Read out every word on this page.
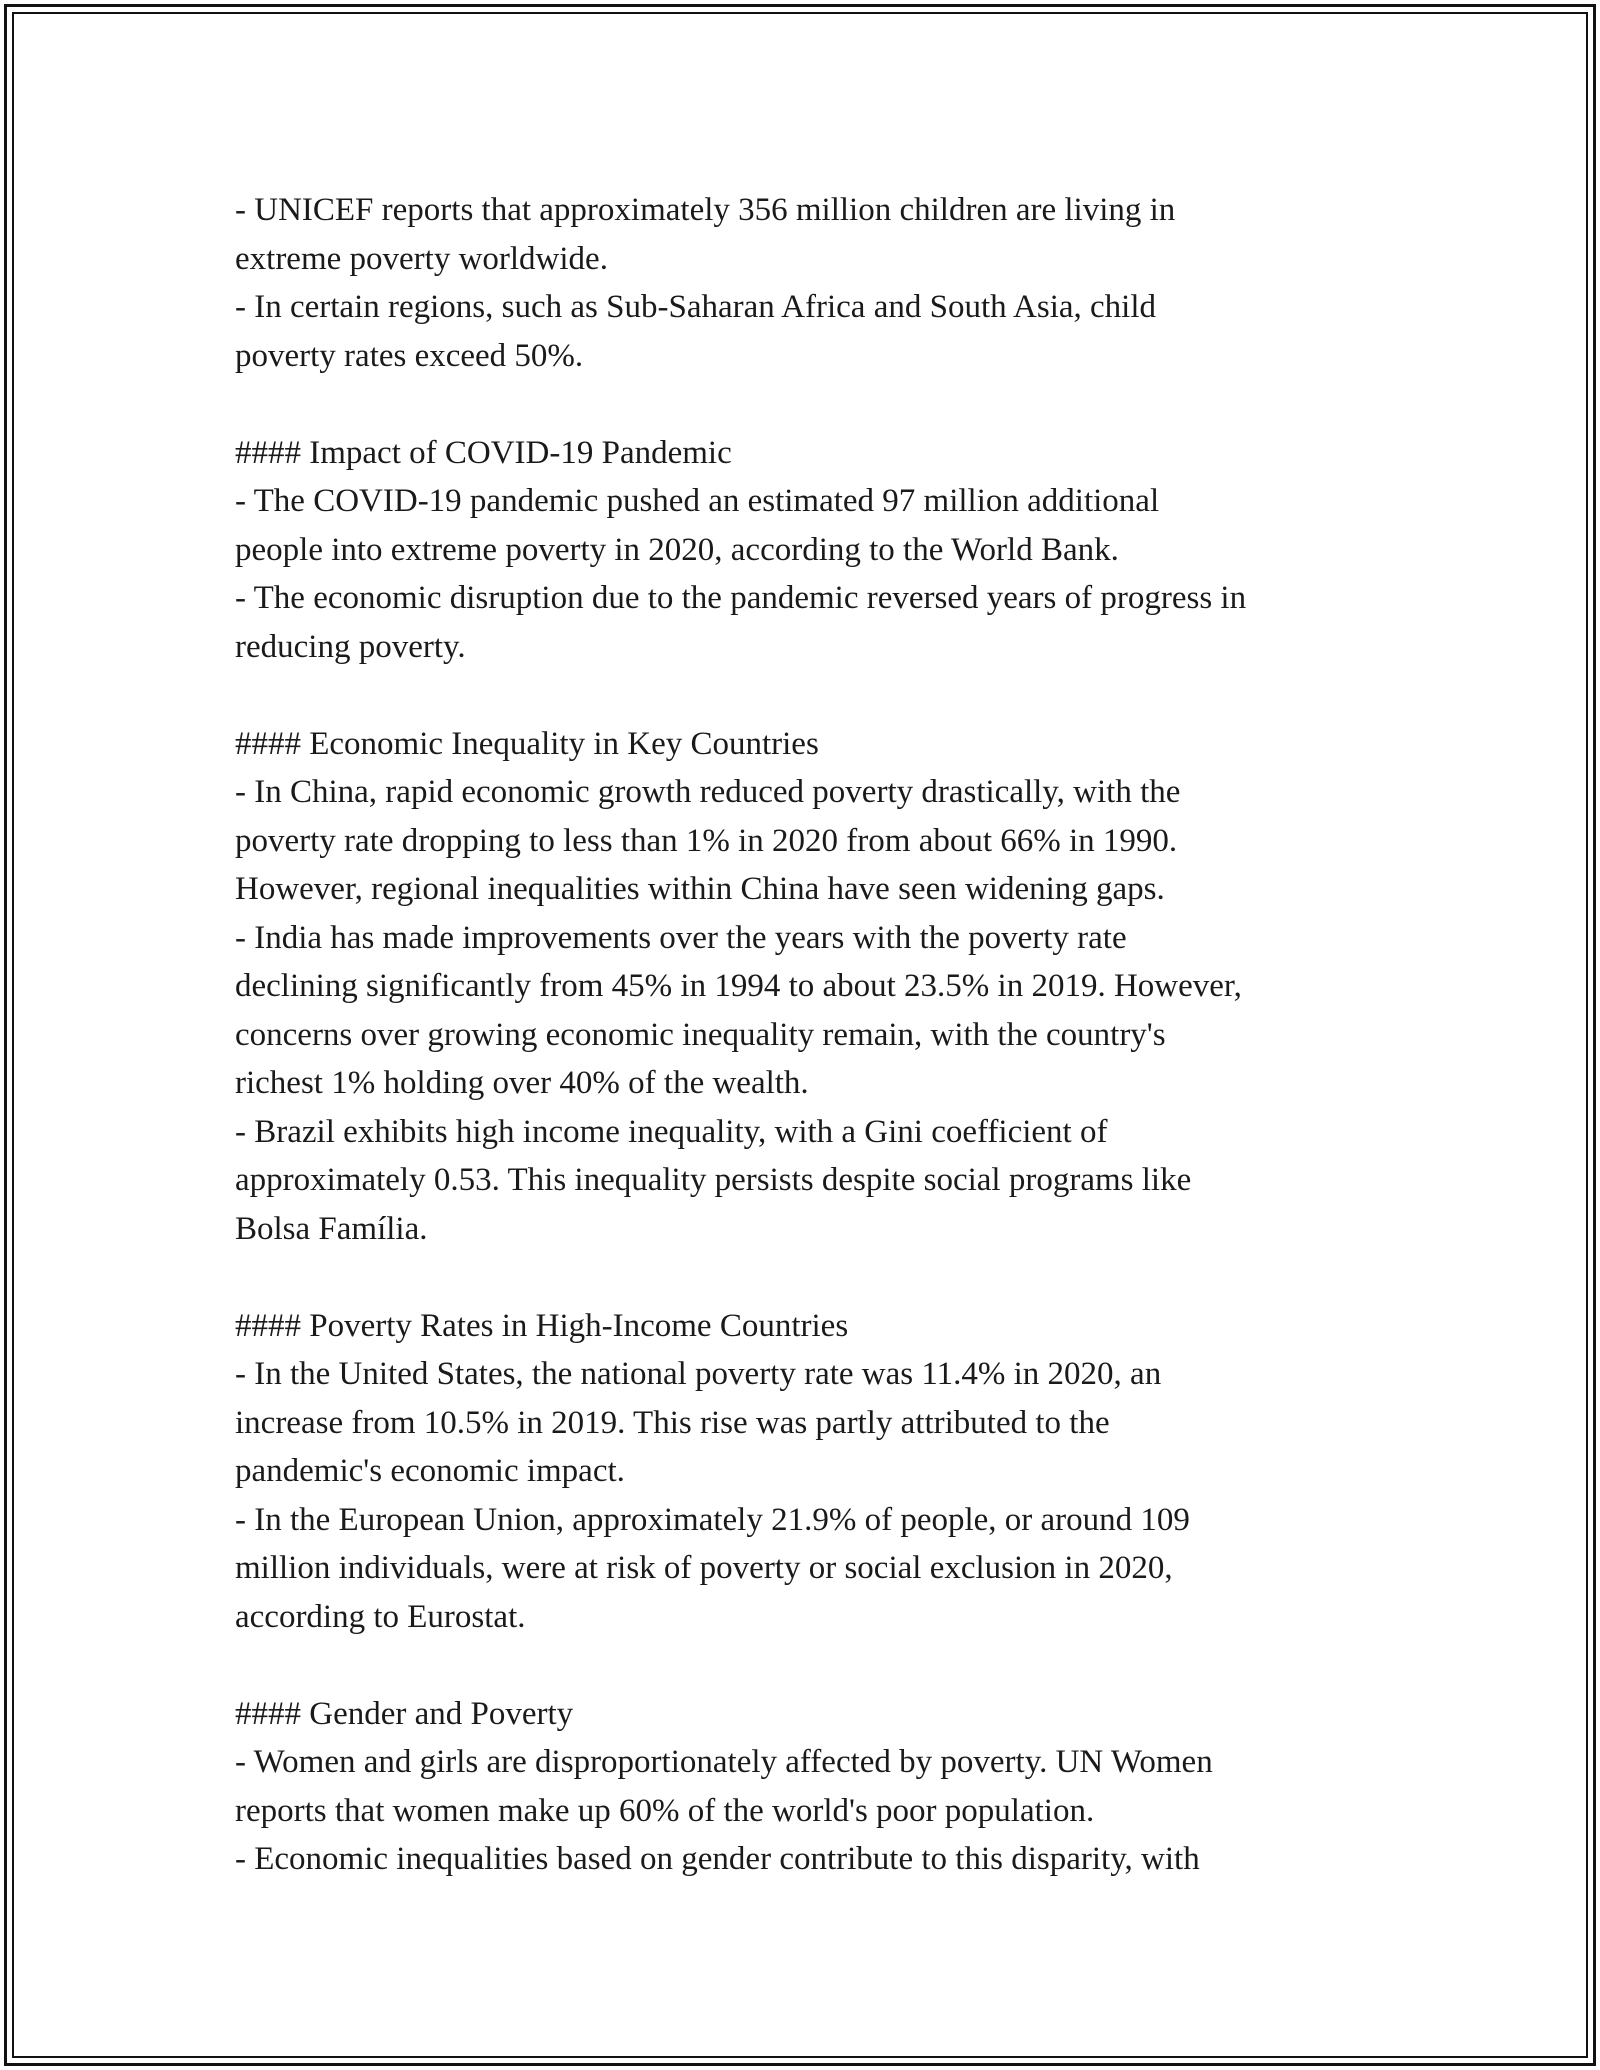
- UNICEF reports that approximately 356 million children are living in
extreme poverty worldwide.
- In certain regions, such as Sub-Saharan Africa and South Asia, child
poverty rates exceed 50%.
#### Impact of COVID-19 Pandemic
- The COVID-19 pandemic pushed an estimated 97 million additional
people into extreme poverty in 2020, according to the World Bank.
- The economic disruption due to the pandemic reversed years of progress in
reducing poverty.
#### Economic Inequality in Key Countries
- In China, rapid economic growth reduced poverty drastically, with the
poverty rate dropping to less than 1% in 2020 from about 66% in 1990.
However, regional inequalities within China have seen widening gaps.
- India has made improvements over the years with the poverty rate
declining significantly from 45% in 1994 to about 23.5% in 2019. However,
concerns over growing economic inequality remain, with the country's
richest 1% holding over 40% of the wealth.
- Brazil exhibits high income inequality, with a Gini coefficient of
approximately 0.53. This inequality persists despite social programs like
Bolsa Família.
#### Poverty Rates in High-Income Countries
- In the United States, the national poverty rate was 11.4% in 2020, an
increase from 10.5% in 2019. This rise was partly attributed to the
pandemic's economic impact.
- In the European Union, approximately 21.9% of people, or around 109
million individuals, were at risk of poverty or social exclusion in 2020,
according to Eurostat.
#### Gender and Poverty
- Women and girls are disproportionately affected by poverty. UN Women
reports that women make up 60% of the world's poor population.
- Economic inequalities based on gender contribute to this disparity, with
